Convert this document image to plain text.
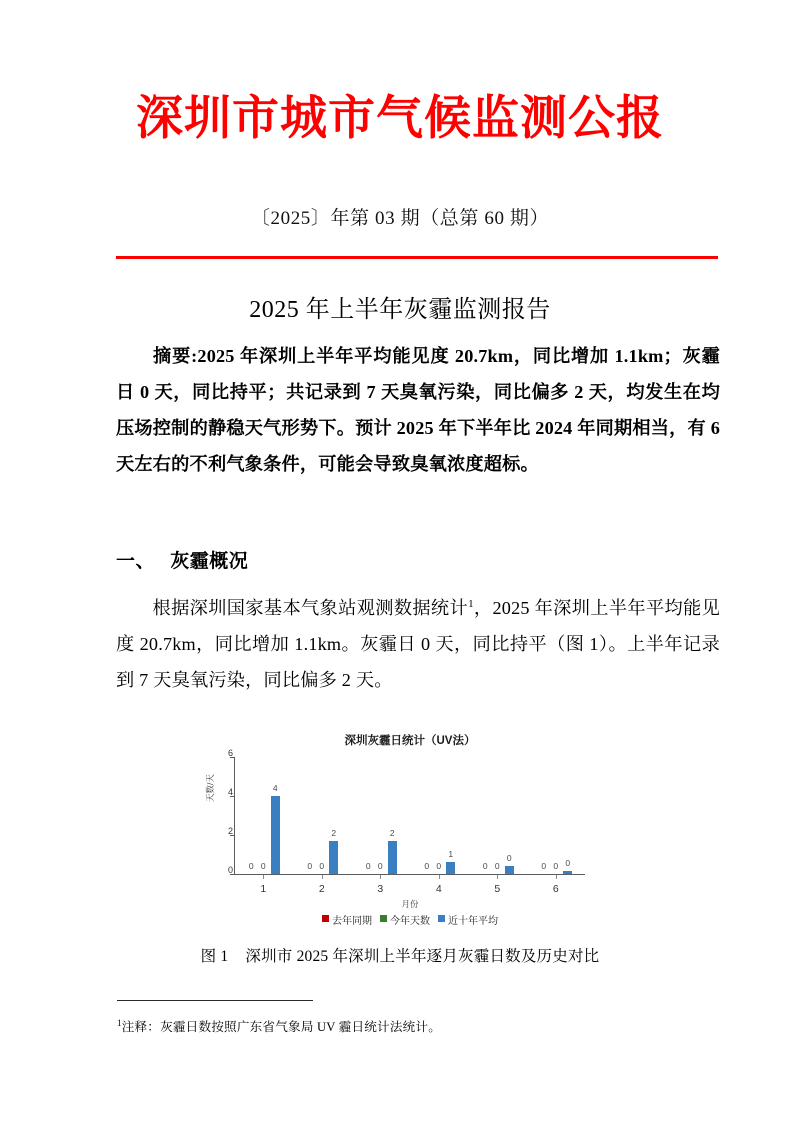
深圳市城市气候监测公报
〔2025〕年第 03 期（总第 60 期）
2025 年上半年灰霾监测报告
摘要:2025 年深圳上半年平均能见度 20.7km，同比增加 1.1km；灰霾日 0 天，同比持平；共记录到 7 天臭氧污染，同比偏多 2 天，均发生在均压场控制的静稳天气形势下。预计 2025 年下半年比 2024 年同期相当，有 6 天左右的不利气象条件，可能会导致臭氧浓度超标。
一、 灰霾概况
根据深圳国家基本气象站观测数据统计$^1$，2025 年深圳上半年平均能见度 20.7km，同比增加 1.1km。灰霾日 0 天，同比持平（图 1）。上半年记录到 7 天臭氧污染，同比偏多 2 天。
深圳灰霾日统计（UV法）
天数/天
0
2
4
6
1
0 0
4
2
0 0
2
3
0 0
2
4
0 0
1
5
0 0
0
6
0 0 0
月份
去年同期 今年天数 近十年平均
图 1 深圳市 2025 年深圳上半年逐月灰霾日数及历史对比
$^1$注释：灰霾日数按照广东省气象局 UV 霾日统计法统计。
